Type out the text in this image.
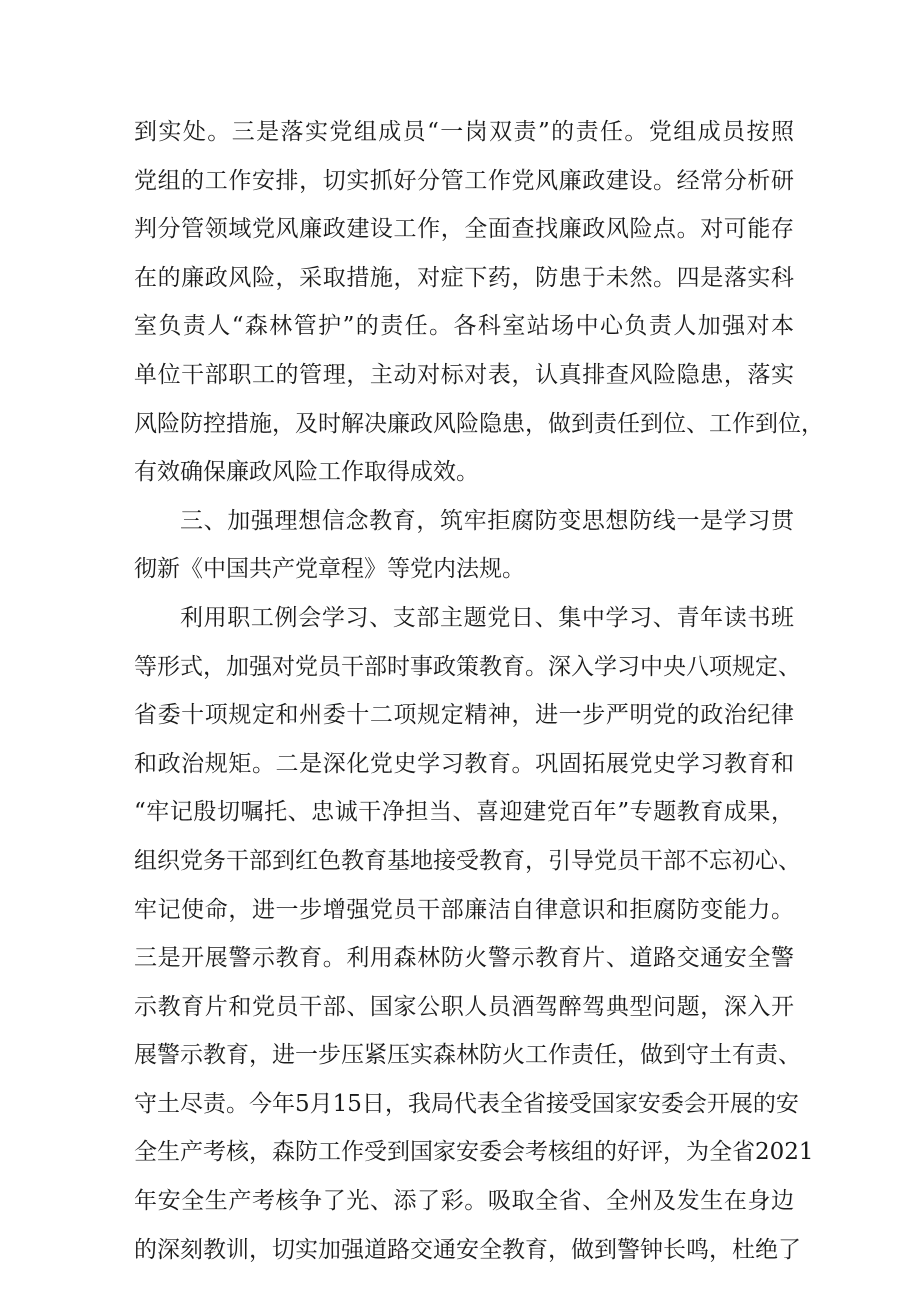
到实处。三是落实党组成员“一岗双责”的责任。党组成员按照
党组的工作安排，切实抓好分管工作党风廉政建设。经常分析研
判分管领域党风廉政建设工作，全面查找廉政风险点。对可能存
在的廉政风险，采取措施，对症下药，防患于未然。四是落实科
室负责人“森林管护”的责任。各科室站场中心负责人加强对本
单位干部职工的管理，主动对标对表，认真排查风险隐患，落实
风险防控措施，及时解决廉政风险隐患，做到责任到位、工作到位，
有效确保廉政风险工作取得成效。
三、加强理想信念教育，筑牢拒腐防变思想防线一是学习贯
彻新《中国共产党章程》等党内法规。
利用职工例会学习、支部主题党日、集中学习、青年读书班
等形式，加强对党员干部时事政策教育。深入学习中央八项规定、
省委十项规定和州委十二项规定精神，进一步严明党的政治纪律
和政治规矩。二是深化党史学习教育。巩固拓展党史学习教育和
“牢记殷切嘱托、忠诚干净担当、喜迎建党百年”专题教育成果，
组织党务干部到红色教育基地接受教育，引导党员干部不忘初心、
牢记使命，进一步增强党员干部廉洁自律意识和拒腐防变能力。
三是开展警示教育。利用森林防火警示教育片、道路交通安全警
示教育片和党员干部、国家公职人员酒驾醉驾典型问题，深入开
展警示教育，进一步压紧压实森林防火工作责任，做到守土有责、
守土尽责。今年5月15日，我局代表全省接受国家安委会开展的安
全生产考核，森防工作受到国家安委会考核组的好评，为全省2021
年安全生产考核争了光、添了彩。吸取全省、全州及发生在身边
的深刻教训，切实加强道路交通安全教育，做到警钟长鸣，杜绝了
